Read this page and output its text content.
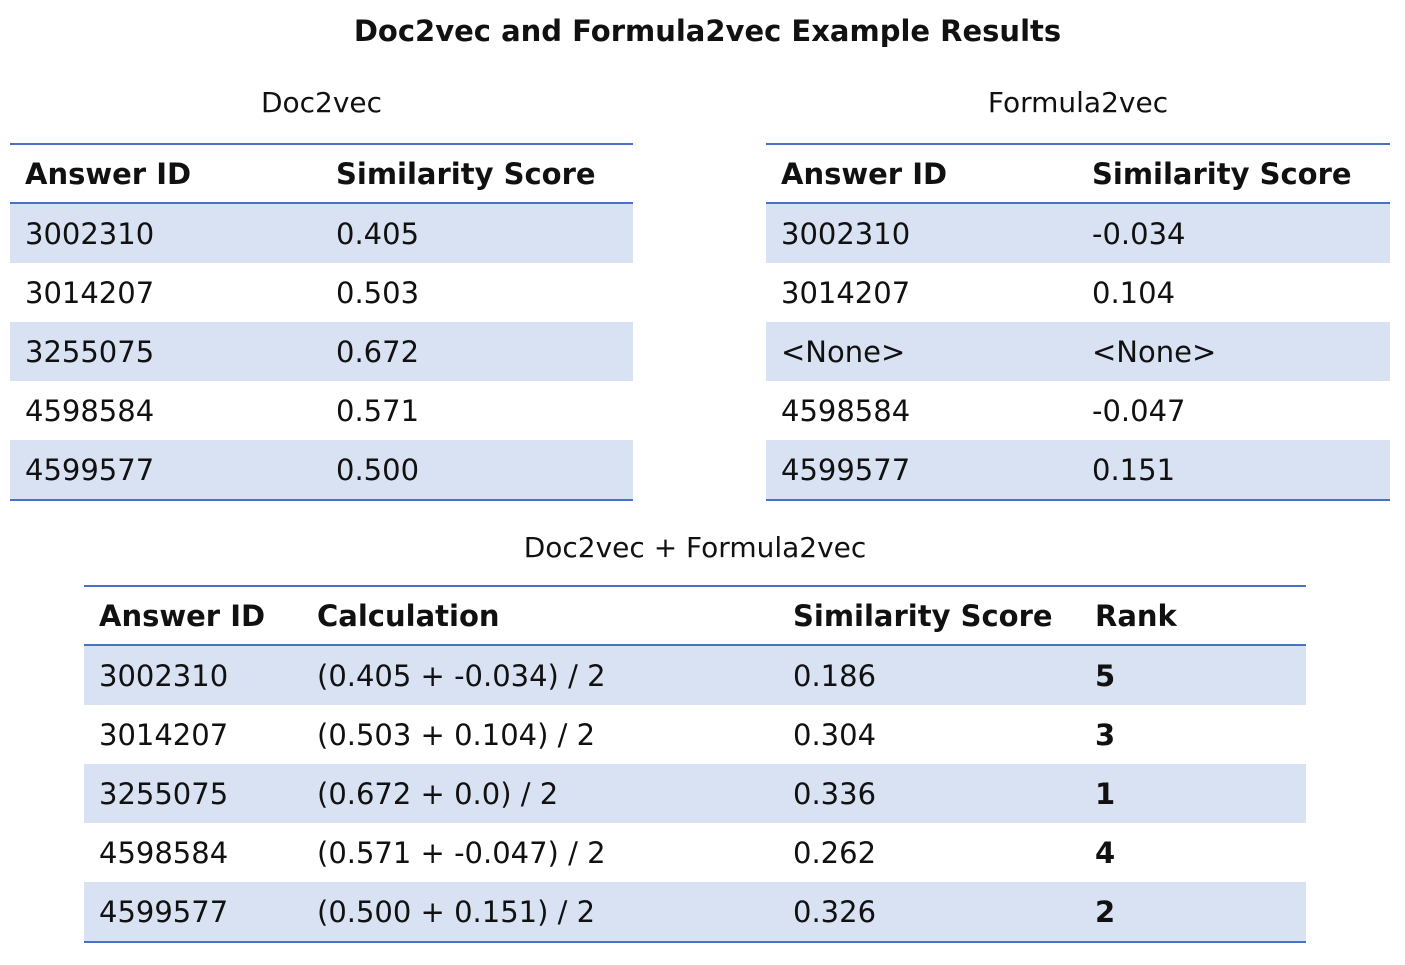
Doc2vec and Formula2vec Example Results
Doc2vec
Answer ID	Similarity Score
3002310	0.405
3014207	0.503
3255075	0.672
4598584	0.571
4599577	0.500
Formula2vec
Answer ID	Similarity Score
3002310	-0.034
3014207	0.104
<None>	<None>
4598584	-0.047
4599577	0.151
Doc2vec + Formula2vec
Answer ID	Calculation	Similarity Score	Rank
3002310	(0.405 + -0.034) / 2	0.186	5
3014207	(0.503 + 0.104) / 2	0.304	3
3255075	(0.672 + 0.0) / 2	0.336	1
4598584	(0.571 + -0.047) / 2	0.262	4
4599577	(0.500 + 0.151) / 2	0.326	2
